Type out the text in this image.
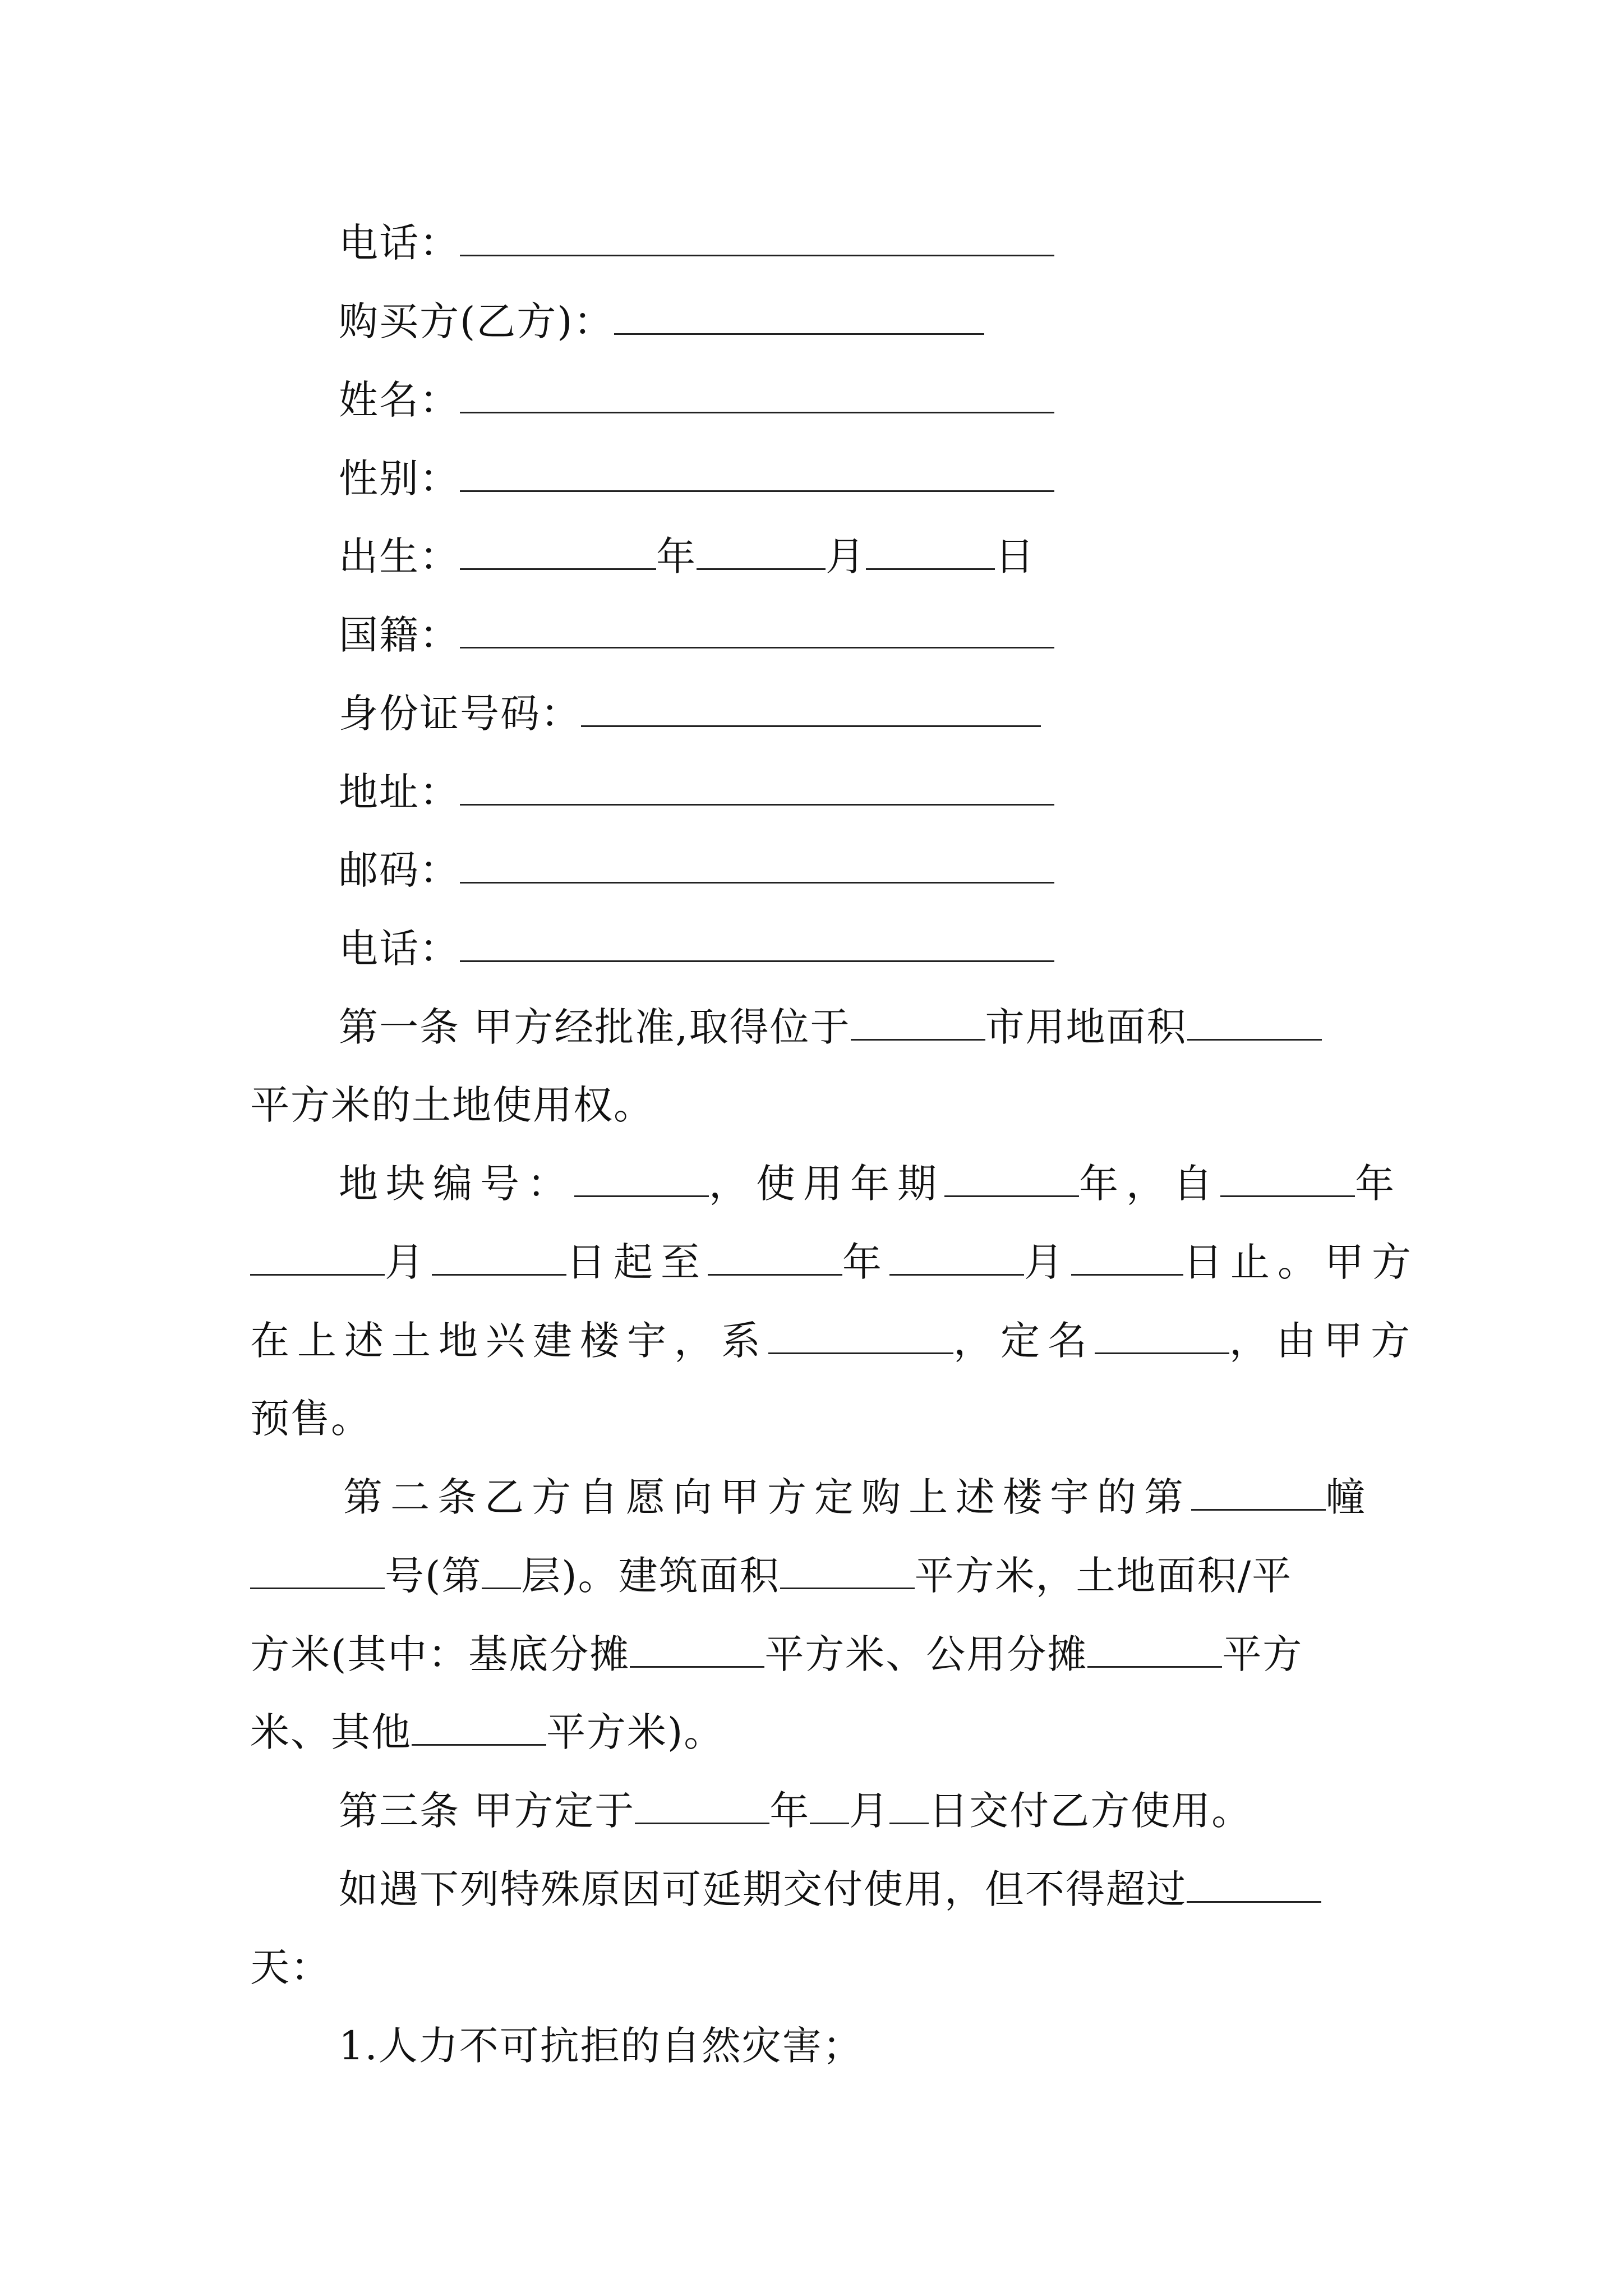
电话：
购买方(乙方)：
姓名：
性别：
出生：	年	月	日
国籍：
身份证号码：
地址：
邮码：
电话：
第一条 甲方经批准,取得位于	市用地面积
平方米的土地使用权。
地块编号：	，使用年期	年，自	年
月	日起至	年	月	日止。甲方
在上述土地兴建楼宇，系	，定名	，由甲方
预售。
第二条乙方自愿向甲方定购上述楼宇的第	幢
号(第 层)。建筑面积	平方米，土地面积/平
方米(其中：基底分摊	平方米、公用分摊	平方
米、其他	平方米)。
第三条 甲方定于	年 月 日交付乙方使用。
如遇下列特殊原因可延期交付使用，但不得超过
天：
1.人力不可抗拒的自然灾害；
